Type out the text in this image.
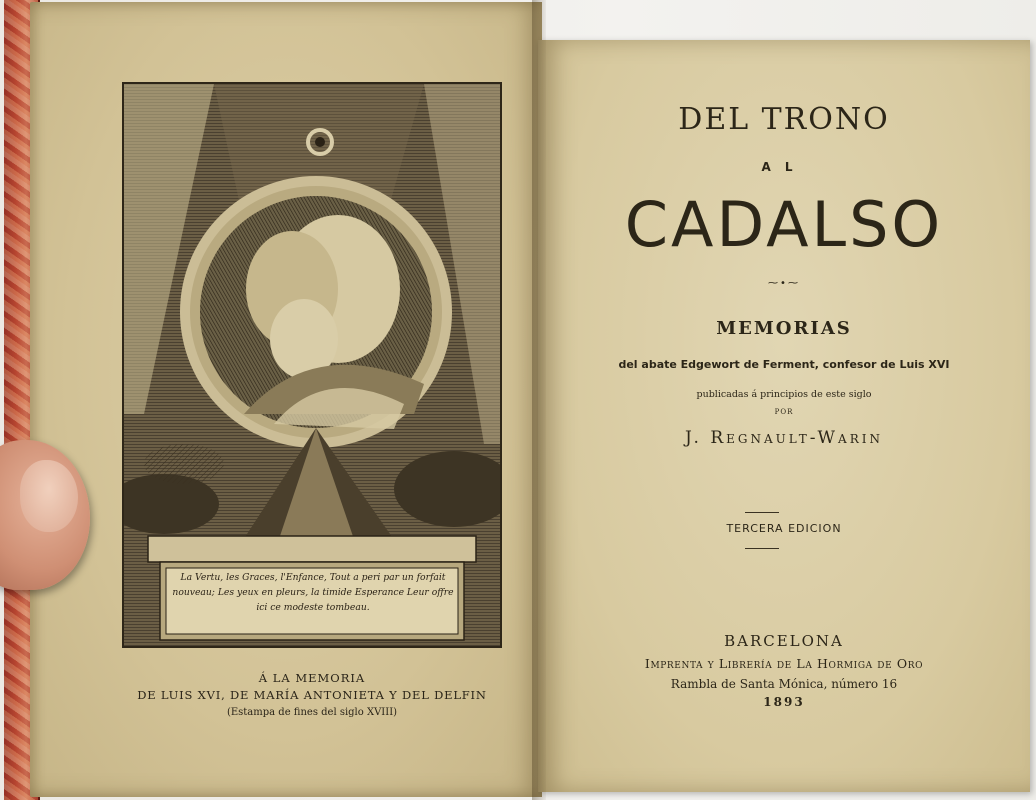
La Vertu, les Graces, l'Enfance, Tout a peri par un forfait nouveau; Les yeux en pleurs, la timide Esperance Leur offre ici ce modeste tombeau.
Á LA MEMORIA
DE LUIS XVI, DE MARÍA ANTONIETA Y DEL DELFIN
(Estampa de fines del siglo XVIII)
DEL TRONO
AL
CADALSO
⁓•⁓
MEMORIAS
del abate Edgewort de Ferment, confesor de Luis XVI
publicadas á principios de este siglo
POR
J. Regnault-Warin
TERCERA EDICION
BARCELONA
Imprenta y Librería de La Hormiga de Oro
Rambla de Santa Mónica, número 16
1893
